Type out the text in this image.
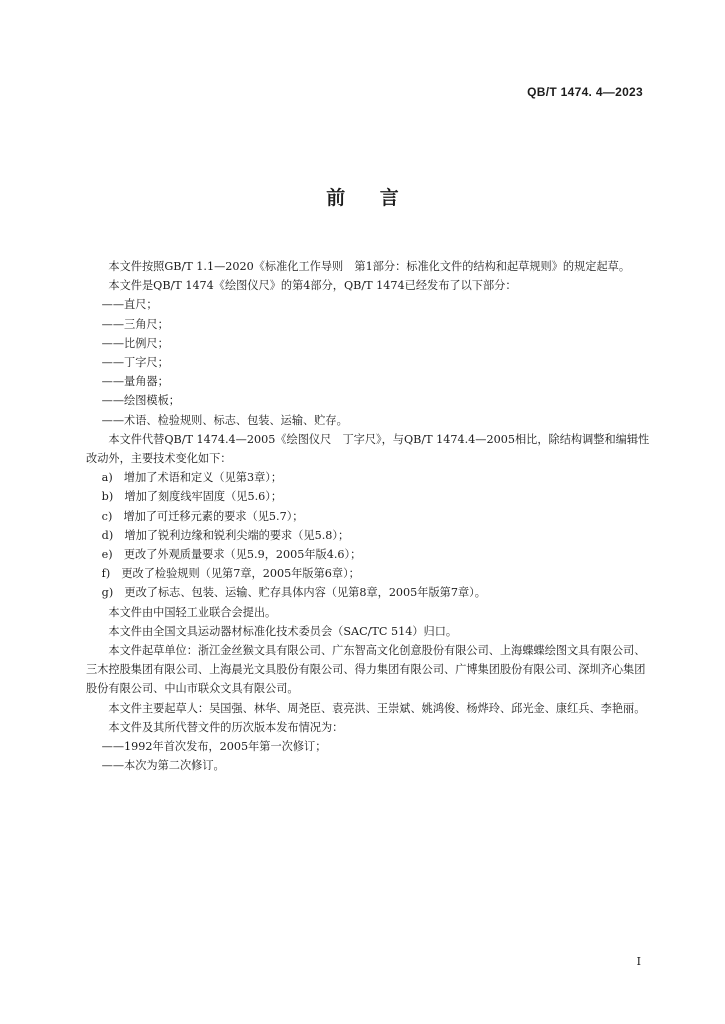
QB/T 1474. 4—2023
前 言

本文件按照GB/T 1.1—2020《标准化工作导则　第1部分：标准化文件的结构和起草规则》的规定起草。

本文件是QB/T 1474《绘图仪尺》的第4部分，QB/T 1474已经发布了以下部分：

——直尺；

——三角尺；

——比例尺；

——丁字尺；

——量角器；

——绘图模板；

——术语、检验规则、标志、包装、运输、贮存。

本文件代替QB/T 1474.4—2005《绘图仪尺　丁字尺》，与QB/T 1474.4—2005相比，除结构调整和编辑性改动外，主要技术变化如下：

a)　增加了术语和定义（见第3章）；

b)　增加了刻度线牢固度（见5.6）；

c)　增加了可迁移元素的要求（见5.7）；

d)　增加了锐利边缘和锐利尖端的要求（见5.8）；

e)　更改了外观质量要求（见5.9，2005年版4.6）；

f)　更改了检验规则（见第7章，2005年版第6章）；

g)　更改了标志、包装、运输、贮存具体内容（见第8章，2005年版第7章）。

本文件由中国轻工业联合会提出。

本文件由全国文具运动器材标准化技术委员会（SAC/TC 514）归口。

本文件起草单位：浙江金丝猴文具有限公司、广东智高文化创意股份有限公司、上海蝶蝶绘图文具有限公司、三木控股集团有限公司、上海晨光文具股份有限公司、得力集团有限公司、广博集团股份有限公司、深圳齐心集团股份有限公司、中山市联众文具有限公司。

本文件主要起草人：吴国强、林华、周尧臣、袁亮洪、王崇斌、姚鸿俊、杨烨玲、邱光金、康红兵、李艳丽。

本文件及其所代替文件的历次版本发布情况为：

——1992年首次发布，2005年第一次修订；

——本次为第二次修订。

I
